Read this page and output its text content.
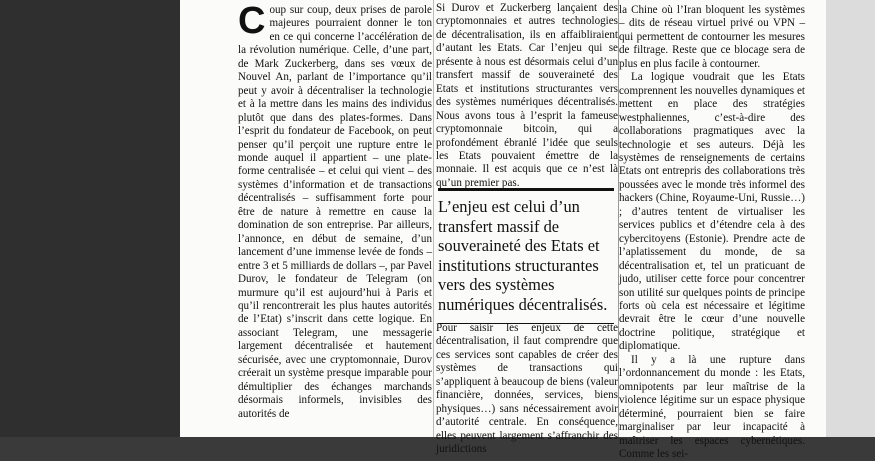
Coup sur coup, deux prises de parole majeures pourraient donner le ton en ce qui concerne l’accélération de la révolution numérique. Celle, d’une part, de Mark Zuckerberg, dans ses vœux de Nouvel An, parlant de l’importance qu’il peut y avoir à décentraliser la technologie et à la mettre dans les mains des individus plutôt que dans des plates-formes. Dans l’esprit du fondateur de Facebook, on peut penser qu’il perçoit une rupture entre le monde auquel il appartient – une plate-forme centralisée – et celui qui vient – des systèmes d’information et de transactions décentralisés – suffisamment forte pour être de nature à remettre en cause la domination de son entreprise. Par ailleurs, l’annonce, en début de semaine, d’un lancement d’une immense levée de fonds – entre 3 et 5 milliards de dollars –, par Pavel Durov, le fondateur de Telegram (on murmure qu’il est aujourd’hui à Paris et qu’il rencontrerait les plus hautes autorités de l’Etat) s’inscrit dans cette logique. En associant Telegram, une messagerie largement décentralisée et hautement sécurisée, avec une cryptomonnaie, Durov créerait un système presque imparable pour démultiplier des échanges marchands désormais informels, invisibles des autorités de

Si Durov et Zuckerberg lançaient des cryptomonnaies et autres technologies de décentralisation, ils en affaibliraient d’autant les Etats. Car l’enjeu qui se présente à nous est désormais celui d’un transfert massif de souveraineté des Etats et institutions structurantes vers des systèmes numériques décentralisés. Nous avons tous à l’esprit la fameuse cryptomonnaie bitcoin, qui a profondément ébranlé l’idée que seuls les Etats pouvaient émettre de la monnaie. Il est acquis que ce n’est là qu’un premier pas.

L’enjeu est celui d’un transfert massif de souveraineté des Etats et institutions structurantes vers des systèmes numériques décentralisés.

Pour saisir les enjeux de cette décentralisation, il faut comprendre que ces services sont capables de créer des systèmes de transactions qui s’appliquent à beaucoup de biens (valeur financière, données, services, biens physiques…) sans nécessairement avoir d’autorité centrale. En conséquence, elles peuvent largement s’affranchir des juridictions

la Chine où l’Iran bloquent les systèmes – dits de réseau virtuel privé ou VPN – qui permettent de contourner les mesures de filtrage. Reste que ce blocage sera de plus en plus facile à contourner.

La logique voudrait que les Etats comprennent les nouvelles dynamiques et mettent en place des stratégies westphaliennes, c’est-à-dire des collaborations pragmatiques avec la technologie et ses auteurs. Déjà les systèmes de renseignements de certains Etats ont entrepris des collaborations très poussées avec le monde très informel des hackers (Chine, Royaume-Uni, Russie…) ; d’autres tentent de virtualiser les services publics et d’étendre cela à des cybercitoyens (Estonie). Prendre acte de l’aplatissement du monde, de sa décentralisation et, tel un praticuant de judo, utiliser cette force pour concentrer son utilité sur quelques points de principe forts où cela est nécessaire et légitime devrait être le cœur d’une nouvelle doctrine politique, stratégique et diplomatique.

Il y a là une rupture dans l’ordonnancement du monde : les Etats, omnipotents par leur maîtrise de la violence légitime sur un espace physique déterminé, pourraient bien se faire marginaliser par leur incapacité à maîtriser les espaces cybernétiques. Comme les sei-
